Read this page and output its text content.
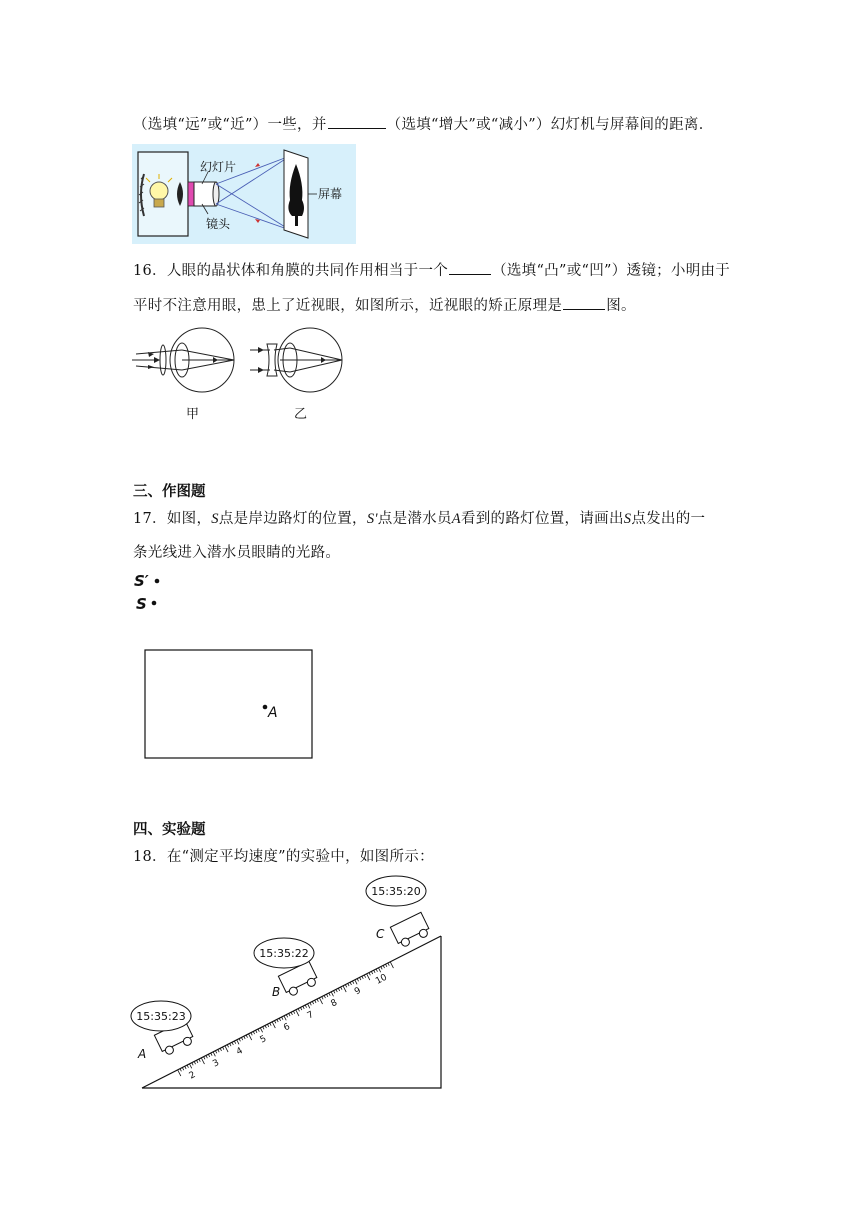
（选填“远”或“近”）一些，并	（选填“增大”或“减小”）幻灯机与屏幕间的距离．
幻灯片
镜头
屏幕
16．人眼的晶状体和角膜的共同作用相当于一个	（选填“凸”或“凹”）透镜；小明由于
平时不注意用眼，患上了近视眼，如图所示，近视眼的矫正原理是	图。
甲	乙
三、作图题
17．如图，S点是岸边路灯的位置，S'点是潜水员A看到的路灯位置，请画出S点发出的一
条光线进入潜水员眼睛的光路。
S′
S
A
四、实验题
18．在“测定平均速度”的实验中，如图所示：
2
3
4
5
6
7
8
9
10
15:35:23
15:35:22
15:35:20
A
B
C
